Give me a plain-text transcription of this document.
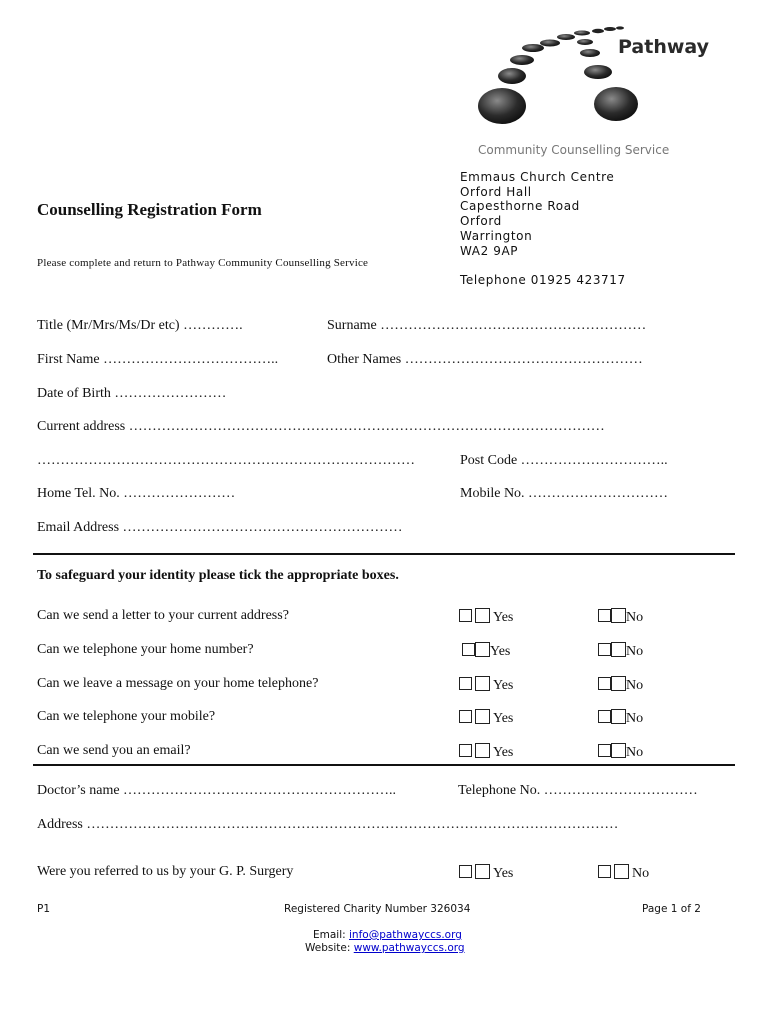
Pathway
Community Counselling Service
Counselling Registration Form
Please complete and return to Pathway Community Counselling Service
Emmaus Church Centre
Orford Hall
Capesthorne Road
Orford
Warrington
WA2 9AP
Telephone 01925 423717
Title (Mr/Mrs/Ms/Dr etc) ………….	Surname …………………………………………………
First Name ………………………………..	Other Names ……………………………………………
Date of Birth ……………………
Current address …………………………………………………………………………………………
………………………………………………………………………	Post Code …………………………..
Home Tel. No. ……………………	Mobile No. …………………………
Email Address ……………………………………………………
To safeguard your identity please tick the appropriate boxes.
Can we send a letter to your current address?	Yes	No
Can we telephone your home number?	Yes	No
Can we leave a message on your home telephone?	Yes	No
Can we telephone your mobile?	Yes	No
Can we send you an email?	Yes	No
Doctor’s name …………………………………………………..	Telephone No. ……………………………
Address ……………………………………………………………………………………………………
Were you referred to us by your G. P. Surgery	Yes	No
P1	Registered Charity Number 326034	Page 1 of 2
Email: info@pathwayccs.org
Website: www.pathwayccs.org
